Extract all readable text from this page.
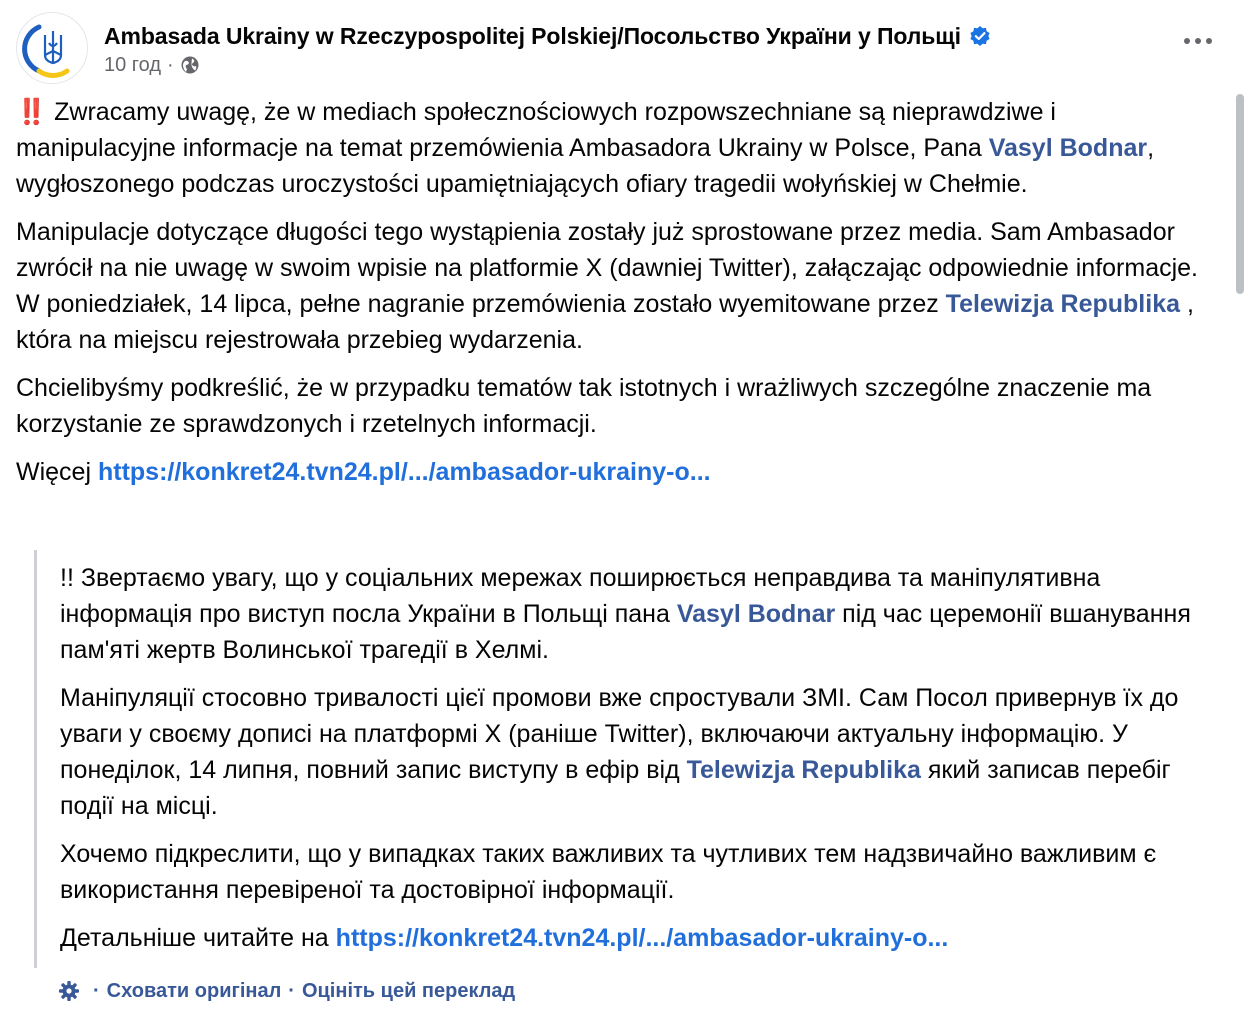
Ambasada Ukrainy w Rzeczypospolitej Polskiej/Посольство України у Польщі
10 год ·

‼️ Zwracamy uwagę, że w mediach społecznościowych rozpowszechniane są nieprawdziwe i manipulacyjne informacje na temat przemówienia Ambasadora Ukrainy w Polsce, Pana Vasyl Bodnar, wygłoszonego podczas uroczystości upamiętniających ofiary tragedii wołyńskiej w Chełmie.

Manipulacje dotyczące długości tego wystąpienia zostały już sprostowane przez media. Sam Ambasador zwrócił na nie uwagę w swoim wpisie na platformie X (dawniej Twitter), załączając odpowiednie informacje. W poniedziałek, 14 lipca, pełne nagranie przemówienia zostało wyemitowane przez Telewizja Republika , która na miejscu rejestrowała przebieg wydarzenia.

Chcielibyśmy podkreślić, że w przypadku tematów tak istotnych i wrażliwych szczególne znaczenie ma korzystanie ze sprawdzonych i rzetelnych informacji.

Więcej https://konkret24.tvn24.pl/.../ambasador-ukrainy-o...

!! Звертаємо увагу, що у соціальних мережах поширюється неправдива та маніпулятивна інформація про виступ посла України в Польщі пана Vasyl Bodnar під час церемонії вшанування пам'яті жертв Волинської трагедії в Хелмі.

Маніпуляції стосовно тривалості цієї промови вже спростували ЗМІ. Сам Посол привернув їх до уваги у своєму дописі на платформі X (раніше Twitter), включаючи актуальну інформацію. У понеділок, 14 липня, повний запис виступу в ефір від Telewizja Republika який записав перебіг події на місці.

Хочемо підкреслити, що у випадках таких важливих та чутливих тем надзвичайно важливим є використання перевіреної та достовірної інформації.

Детальніше читайте на https://konkret24.tvn24.pl/.../ambasador-ukrainy-o...

· Сховати оригінал · Оцініть цей переклад
